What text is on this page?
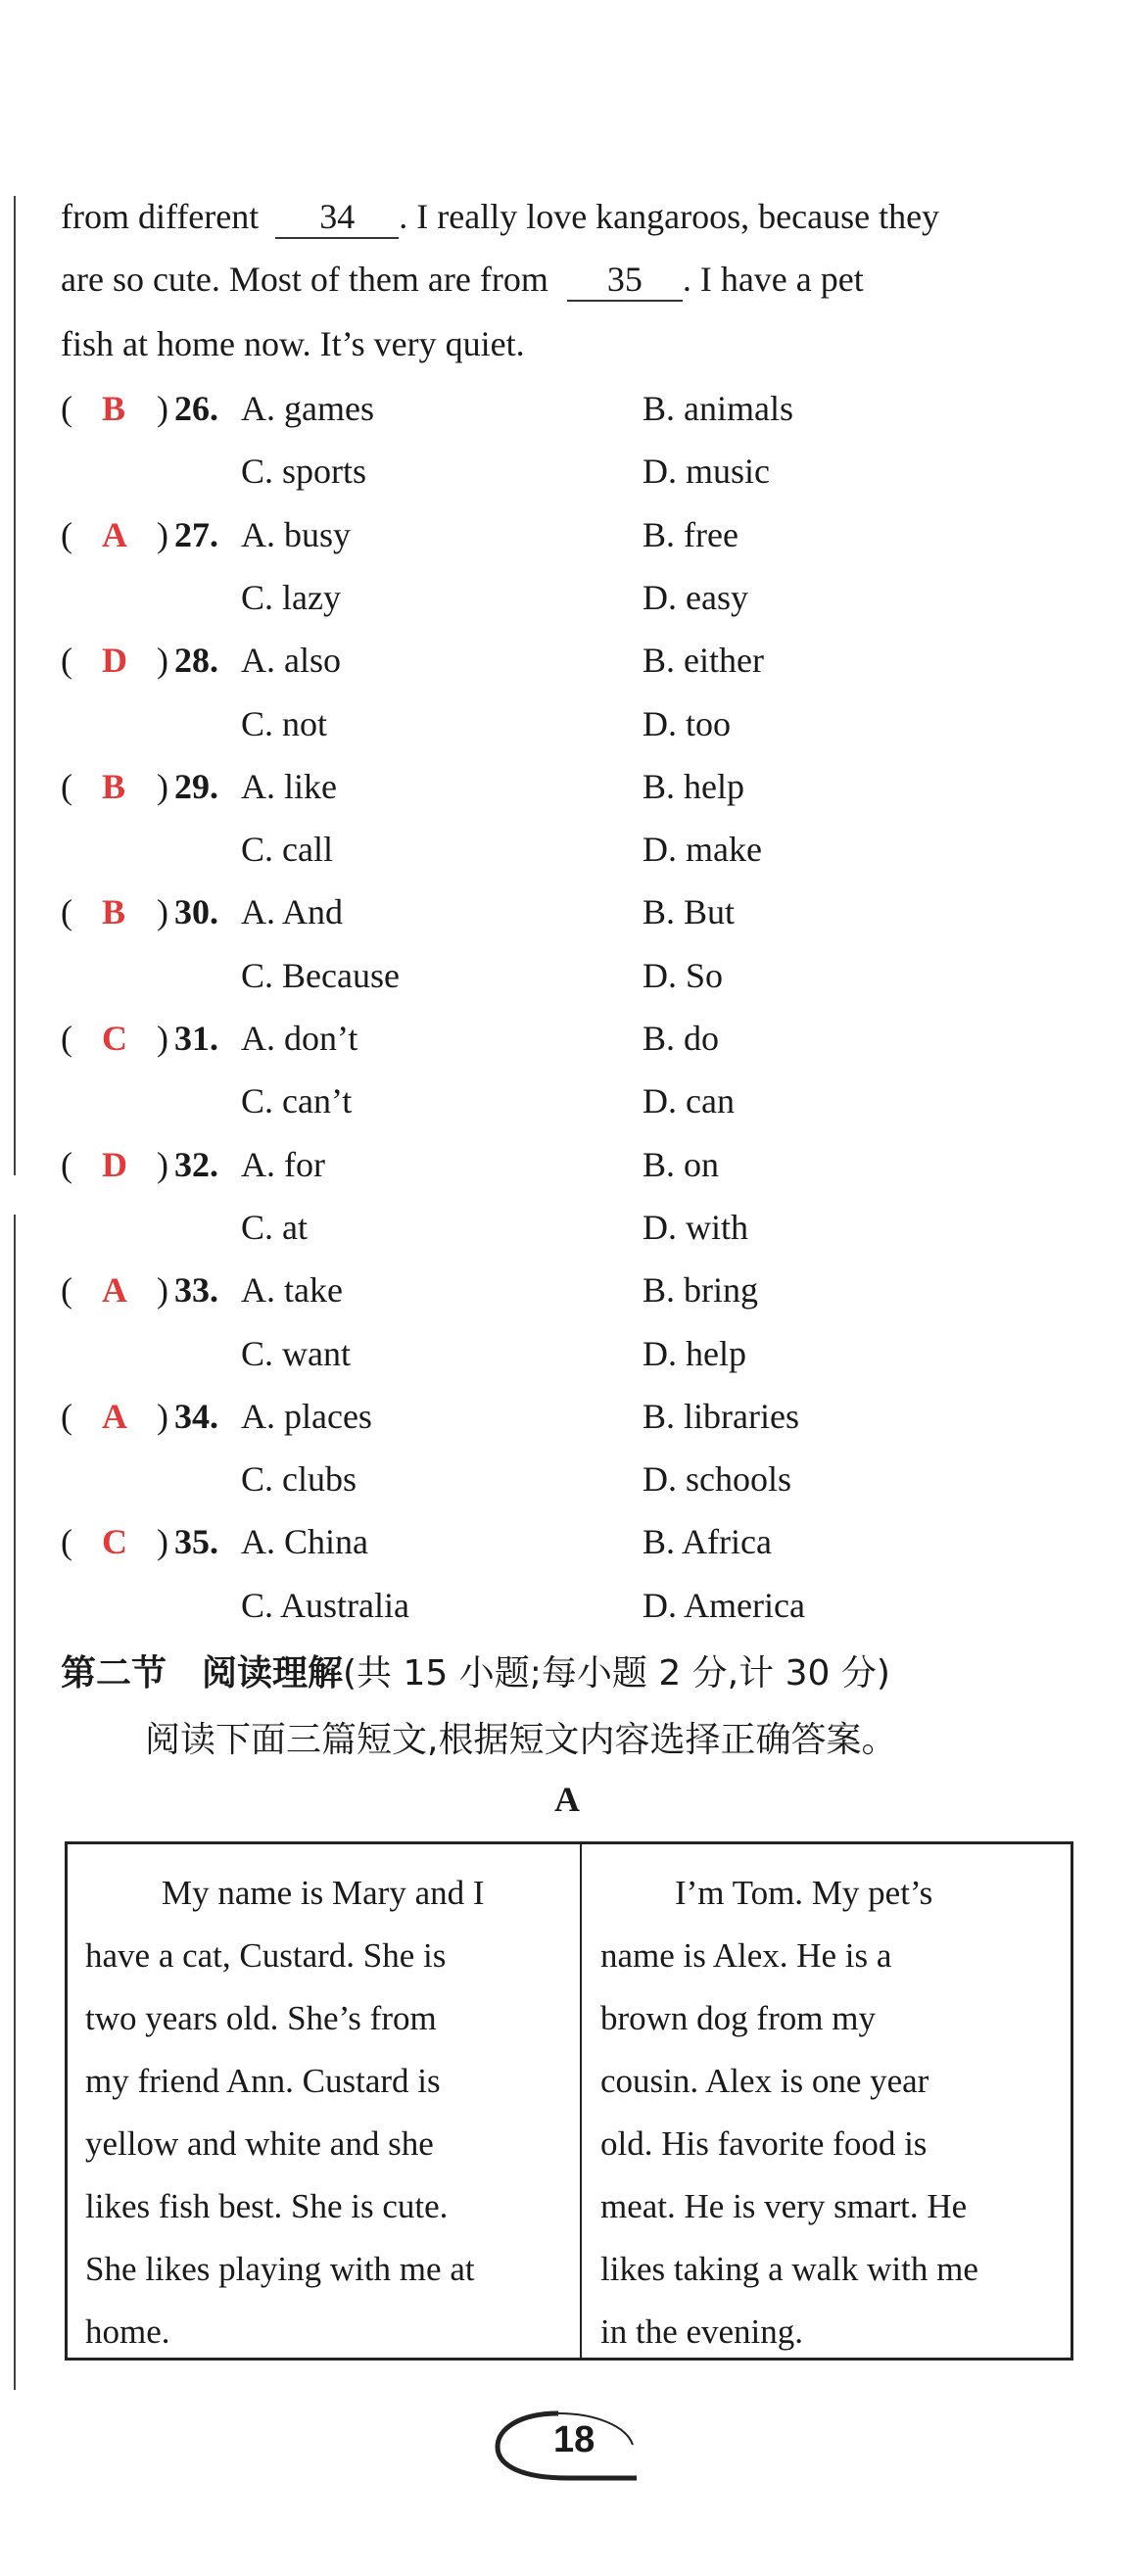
from different 34 . I really love kangaroos, because they
are so cute. Most of them are from 35 . I have a pet
fish at home now. It’s very quiet.
( B ) 26. A. games	B. animals
C. sports	D. music
( A ) 27. A. busy	B. free
C. lazy	D. easy
( D ) 28. A. also	B. either
C. not	D. too
( B ) 29. A. like	B. help
C. call	D. make
( B ) 30. A. And	B. But
C. Because	D. So
( C ) 31. A. don’t	B. do
C. can’t	D. can
( D ) 32. A. for	B. on
C. at	D. with
( A ) 33. A. take	B. bring
C. want	D. help
( A ) 34. A. places	B. libraries
C. clubs	D. schools
( C ) 35. A. China	B. Africa
C. Australia	D. America
第二节　阅读理解(共 15 小题;每小题 2 分,计 30 分)
阅读下面三篇短文,根据短文内容选择正确答案。
A
My name is Mary and I
have a cat, Custard. She is
two years old. She’s from
my friend Ann. Custard is
yellow and white and she
likes fish best. She is cute.
She likes playing with me at
home.
I’m Tom. My pet’s
name is Alex. He is a
brown dog from my
cousin. Alex is one year
old. His favorite food is
meat. He is very smart. He
likes taking a walk with me
in the evening.
18
